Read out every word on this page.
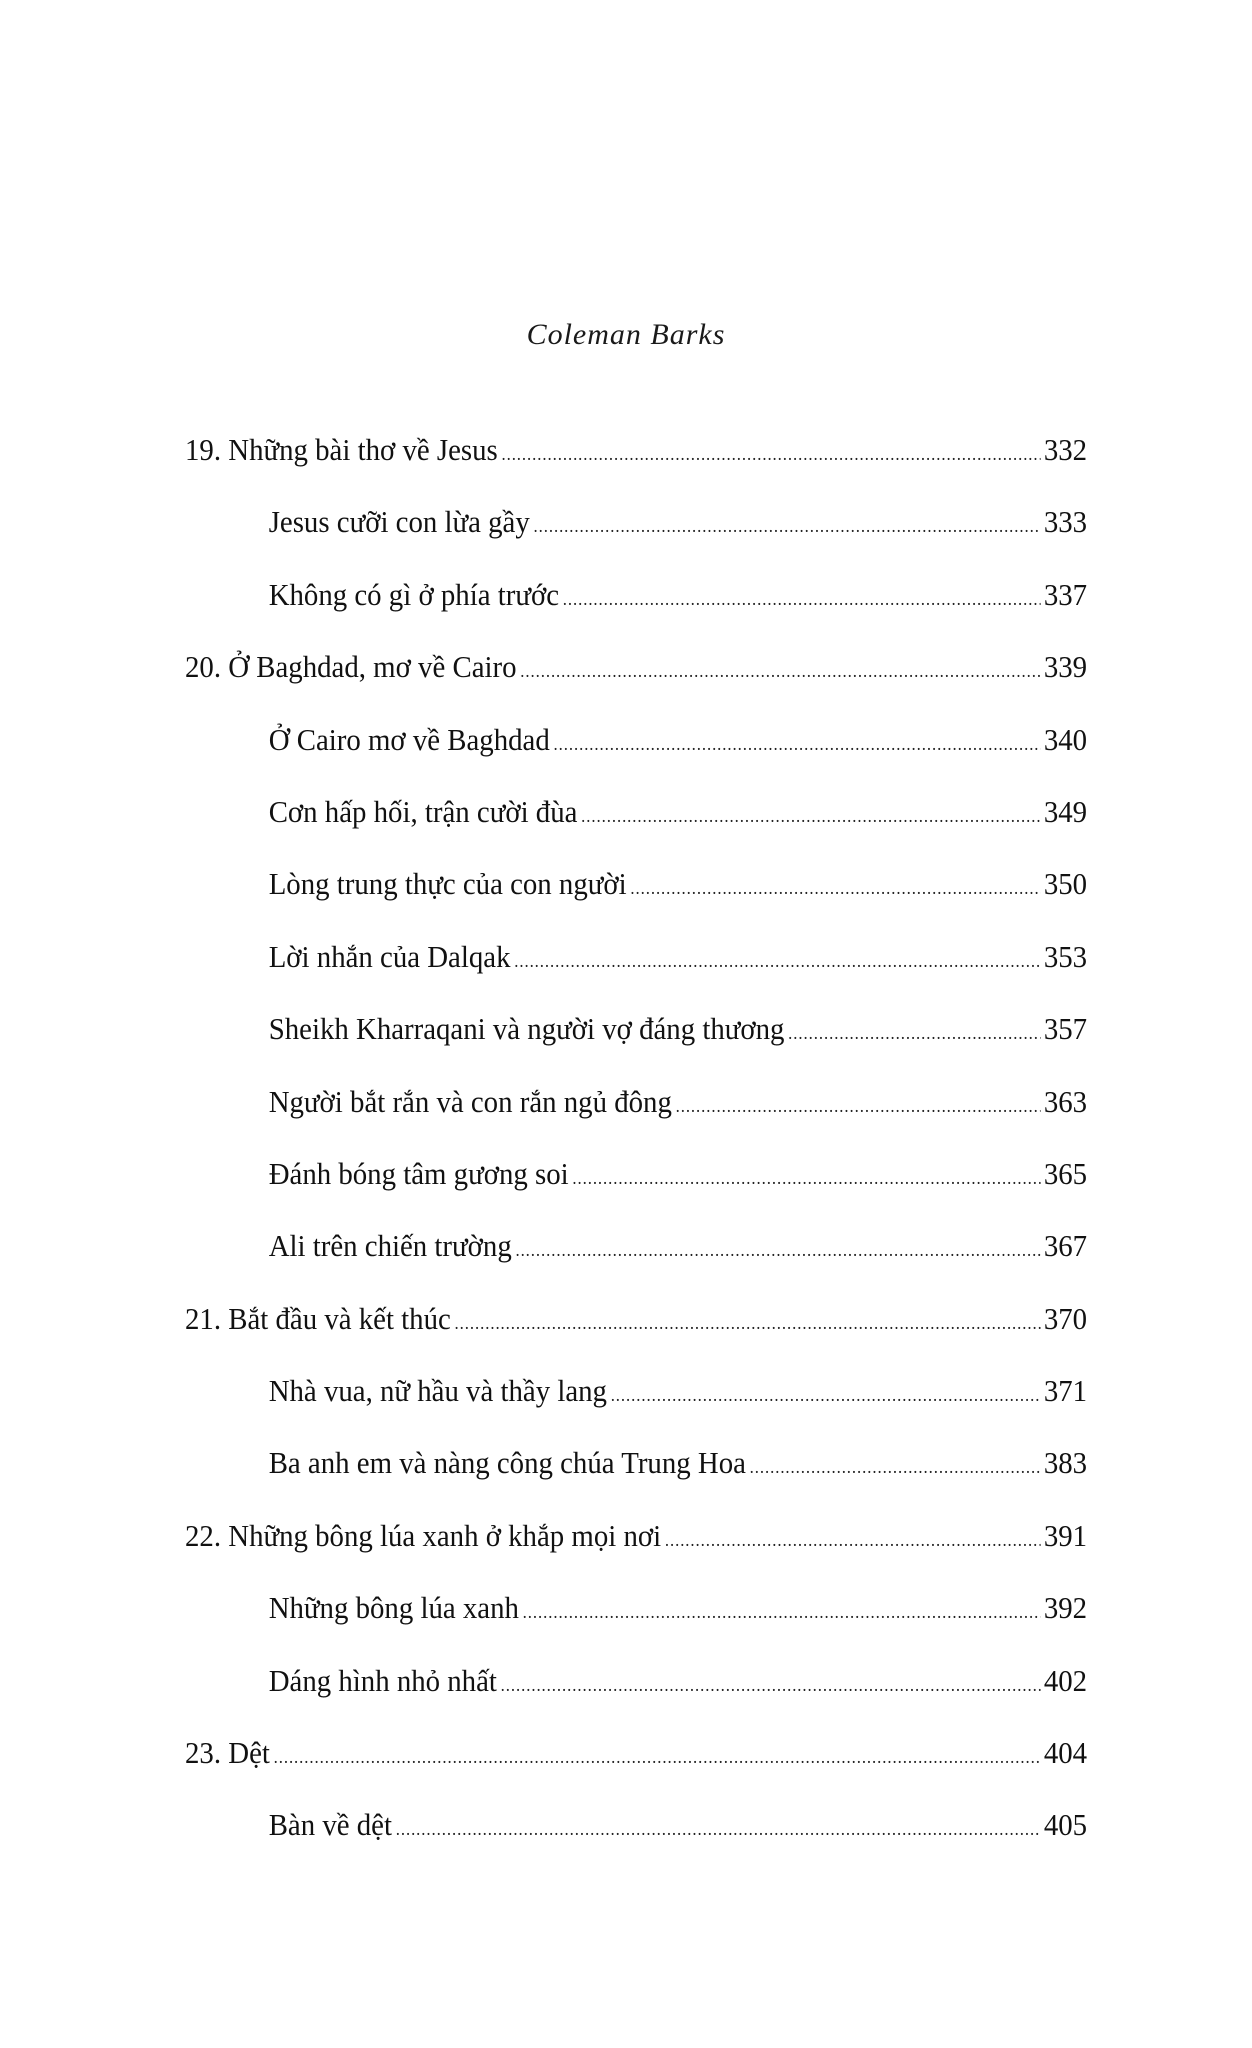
Coleman Barks
19. Những bài thơ về Jesus .....	332
Jesus cưỡi con lừa gầy .....	333
Không có gì ở phía trước .....	337
20. Ở Baghdad, mơ về Cairo .....	339
Ở Cairo mơ về Baghdad .....	340
Cơn hấp hối, trận cười đùa .....	349
Lòng trung thực của con người .....	350
Lời nhắn của Dalqak .....	353
Sheikh Kharraqani và người vợ đáng thương .....	357
Người bắt rắn và con rắn ngủ đông .....	363
Đánh bóng tâm gương soi .....	365
Ali trên chiến trường .....	367
21. Bắt đầu và kết thúc .....	370
Nhà vua, nữ hầu và thầy lang .....	371
Ba anh em và nàng công chúa Trung Hoa .....	383
22. Những bông lúa xanh ở khắp mọi nơi .....	391
Những bông lúa xanh .....	392
Dáng hình nhỏ nhất .....	402
23. Dệt .....	404
Bàn về dệt .....	405
